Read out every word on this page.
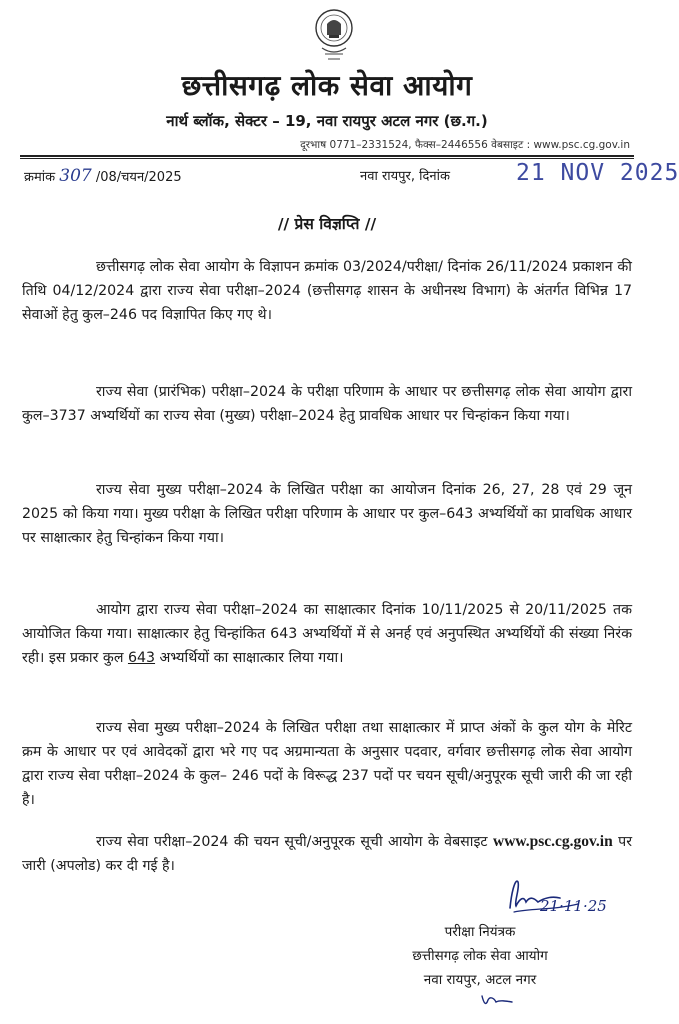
छत्तीसगढ़ लोक सेवा आयोग
नार्थ ब्लॉक, सेक्टर – 19, नवा रायपुर अटल नगर (छ.ग.)
दूरभाष 0771–2331524, फैक्स–2446556 वेबसाइट : www.psc.cg.gov.in
क्रमांक 307 /08/चयन/2025	नवा रायपुर, दिनांक	21 NOV 2025
// प्रेस विज्ञप्ति //

छत्तीसगढ़ लोक सेवा आयोग के विज्ञापन क्रमांक 03/2024/परीक्षा/ दिनांक 26/11/2024 प्रकाशन की तिथि 04/12/2024 द्वारा राज्य सेवा परीक्षा–2024 (छत्तीसगढ़ शासन के अधीनस्थ विभाग) के अंतर्गत विभिन्न 17 सेवाओं हेतु कुल–246 पद विज्ञापित किए गए थे।

राज्य सेवा (प्रारंभिक) परीक्षा–2024 के परीक्षा परिणाम के आधार पर छत्तीसगढ़ लोक सेवा आयोग द्वारा कुल–3737 अभ्यर्थियों का राज्य सेवा (मुख्य) परीक्षा–2024 हेतु प्रावधिक आधार पर चिन्हांकन किया गया।

राज्य सेवा मुख्य परीक्षा–2024 के लिखित परीक्षा का आयोजन दिनांक 26, 27, 28 एवं 29 जून 2025 को किया गया। मुख्य परीक्षा के लिखित परीक्षा परिणाम के आधार पर कुल–643 अभ्यर्थियों का प्रावधिक आधार पर साक्षात्कार हेतु चिन्हांकन किया गया।

आयोग द्वारा राज्य सेवा परीक्षा–2024 का साक्षात्कार दिनांक 10/11/2025 से 20/11/2025 तक आयोजित किया गया। साक्षात्कार हेतु चिन्हांकित 643 अभ्यर्थियों में से अनर्ह एवं अनुपस्थित अभ्यर्थियों की संख्या निरंक रही। इस प्रकार कुल 643 अभ्यर्थियों का साक्षात्कार लिया गया।

राज्य सेवा मुख्य परीक्षा–2024 के लिखित परीक्षा तथा साक्षात्कार में प्राप्त अंकों के कुल योग के मेरिट क्रम के आधार पर एवं आवेदकों द्वारा भरे गए पद अग्रमान्यता के अनुसार पदवार, वर्गवार छत्तीसगढ़ लोक सेवा आयोग द्वारा राज्य सेवा परीक्षा–2024 के कुल– 246 पदों के विरूद्ध 237 पदों पर चयन सूची/अनुपूरक सूची जारी की जा रही है।

राज्य सेवा परीक्षा–2024 की चयन सूची/अनुपूरक सूची आयोग के वेबसाइट www.psc.cg.gov.in पर जारी (अपलोड) कर दी गई है।

21·11·25
परीक्षा नियंत्रक
छत्तीसगढ़ लोक सेवा आयोग
नवा रायपुर, अटल नगर
